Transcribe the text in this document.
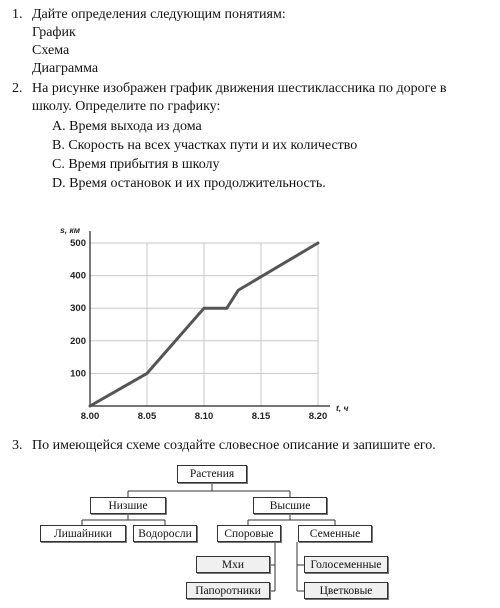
1. Дайте определения следующим понятиям:
График
Схема
Диаграмма
2. На рисунке изображен график движения шестиклассника по дороге в
школу. Определите по графику:
A. Время выхода из дома
B. Скорость на всех участках пути и их количество
C. Время прибытия в школу
D. Время остановок и их продолжительность.
100
200
300
400
500
8.00	8.05	8.10	8.15	8.20
s, км
t, ч
3. По имеющейся схеме создайте словесное описание и запишите его.
Растения
Низшие	Высшие
Лишайники	Водоросли	Споровые	Семенные
Мхи
Папоротники
Голосеменные
Цветковые
